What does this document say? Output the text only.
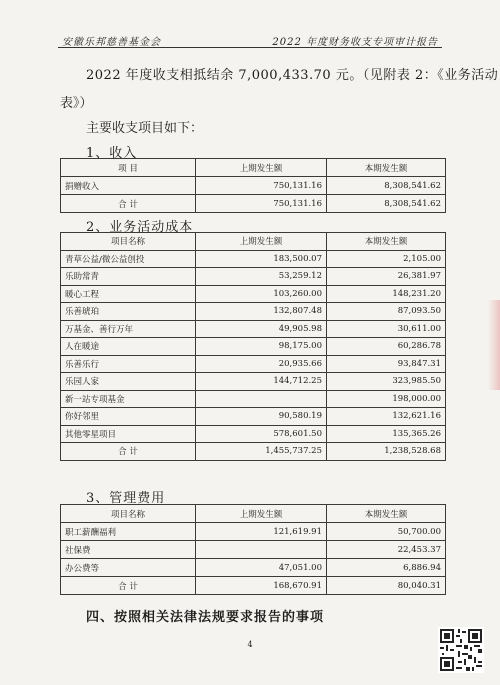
安徽乐邦慈善基金会	2022 年度财务收支专项审计报告
2022 年度收支相抵结余 7,000,433.70 元。（见附表 2：《业务活动
表》）
主要收支项目如下：
1、收入
项 目	上期发生额	本期发生额
捐赠收入	750,131.16	8,308,541.62
合 计	750,131.16	8,308,541.62
2、业务活动成本
项目名称	上期发生额	本期发生额
青草公益/微公益创投	183,500.07	2,105.00
乐助常青	53,259.12	26,381.97
暖心工程	103,260.00	148,231.20
乐善琥珀	132,807.48	87,093.50
万基金、善行万年	49,905.98	30,611.00
人在暖途	98,175.00	60,286.78
乐善乐行	20,935.66	93,847.31
乐园人家	144,712.25	323,985.50
新一站专项基金		198,000.00
你好邻里	90,580.19	132,621.16
其他零星项目	578,601.50	135,365.26
合 计	1,455,737.25	1,238,528.68
3、管理费用
项目名称	上期发生额	本期发生额
职工薪酬福利	121,619.91	50,700.00
社保费		22,453.37
办公费等	47,051.00	6,886.94
合 计	168,670.91	80,040.31
四、按照相关法律法规要求报告的事项
4
